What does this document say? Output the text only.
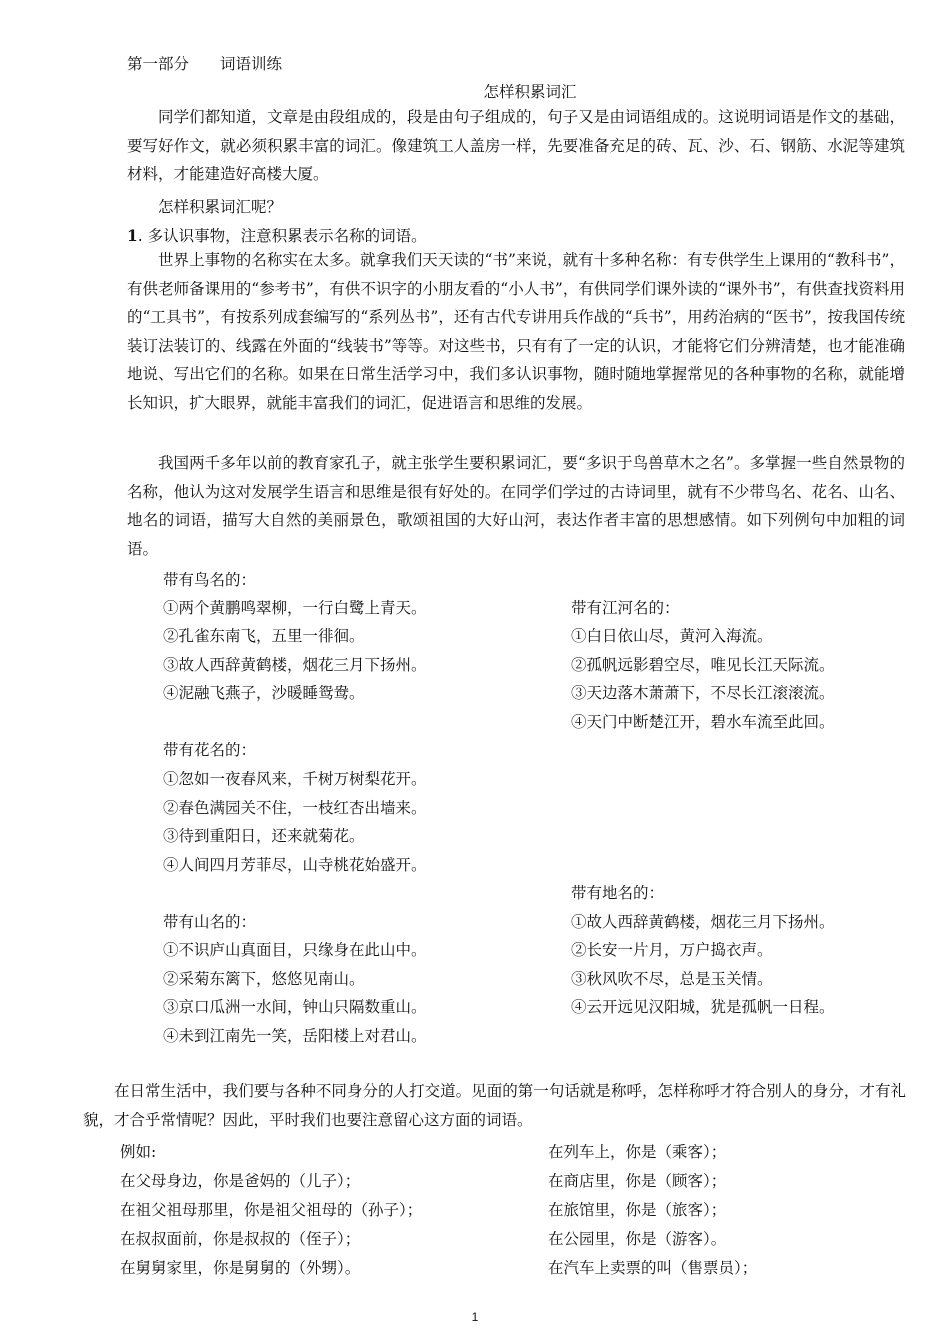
第一部分 词语训练
怎样积累词汇
同学们都知道，文章是由段组成的，段是由句子组成的，句子又是由词语组成的。这说明词语是作文的基础，要写好作文，就必须积累丰富的词汇。像建筑工人盖房一样，先要准备充足的砖、瓦、沙、石、钢筋、水泥等建筑材料，才能建造好高楼大厦。
怎样积累词汇呢？
1. 多认识事物，注意积累表示名称的词语。
世界上事物的名称实在太多。就拿我们天天读的“书”来说，就有十多种名称：有专供学生上课用的“教科书”，有供老师备课用的“参考书”，有供不识字的小朋友看的“小人书”，有供同学们课外读的“课外书”，有供查找资料用的“工具书”，有按系列成套编写的“系列丛书”，还有古代专讲用兵作战的“兵书”，用药治病的“医书”，按我国传统装订法装订的、线露在外面的“线装书”等等。对这些书，只有有了一定的认识，才能将它们分辨清楚，也才能准确地说、写出它们的名称。如果在日常生活学习中，我们多认识事物，随时随地掌握常见的各种事物的名称，就能增长知识，扩大眼界，就能丰富我们的词汇，促进语言和思维的发展。
我国两千多年以前的教育家孔子，就主张学生要积累词汇，要“多识于鸟兽草木之名”。多掌握一些自然景物的名称，他认为这对发展学生语言和思维是很有好处的。在同学们学过的古诗词里，就有不少带鸟名、花名、山名、地名的词语，描写大自然的美丽景色，歌颂祖国的大好山河，表达作者丰富的思想感情。如下列例句中加粗的词语。
带有鸟名的：
①两个黄鹏鸣翠柳，一行白鹭上青天。
②孔雀东南飞，五里一徘徊。
③故人西辞黄鹤楼，烟花三月下扬州。
④泥融飞燕子，沙暖睡鸳鸯。
带有江河名的：
①白日依山尽，黄河入海流。
②孤帆远影碧空尽，唯见长江天际流。
③天边落木萧萧下，不尽长江滚滚流。
④天门中断楚江开，碧水车流至此回。
带有花名的：
①忽如一夜春风来，千树万树梨花开。
②春色满园关不住，一枝红杏出墙来。
③待到重阳日，还来就菊花。
④人间四月芳菲尽，山寺桃花始盛开。
带有地名的：
①故人西辞黄鹤楼，烟花三月下扬州。
②长安一片月，万户捣衣声。
③秋风吹不尽，总是玉关情。
④云开远见汉阳城，犹是孤帆一日程。
带有山名的：
①不识庐山真面目，只缘身在此山中。
②采菊东篱下，悠悠见南山。
③京口瓜洲一水间，钟山只隔数重山。
④未到江南先一笑，岳阳楼上对君山。
在日常生活中，我们要与各种不同身分的人打交道。见面的第一句话就是称呼，怎样称呼才符合别人的身分，才有礼貌，才合乎常情呢？因此，平时我们也要注意留心这方面的词语。
例如:
在父母身边，你是爸妈的（儿子）；
在祖父祖母那里，你是祖父祖母的（孙子）；
在叔叔面前，你是叔叔的（侄子）；
在舅舅家里，你是舅舅的（外甥）。
在列车上，你是（乘客）；
在商店里，你是（顾客）；
在旅馆里，你是（旅客）；
在公园里，你是（游客）。
在汽车上卖票的叫（售票员）；
1
